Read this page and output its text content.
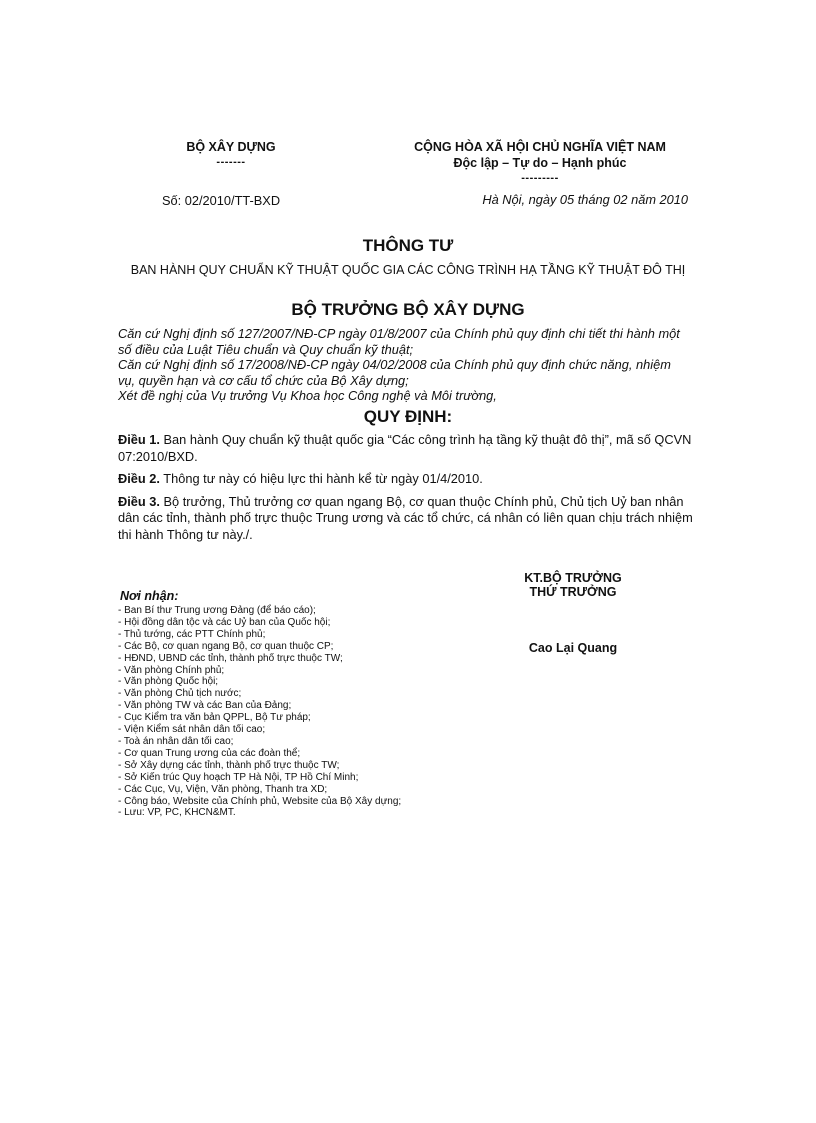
BỘ XÂY DỰNG
-------
CỘNG HÒA XÃ HỘI CHỦ NGHĨA VIỆT NAM
Độc lập – Tự do – Hạnh phúc
---------
Số: 02/2010/TT-BXD	Hà Nội, ngày 05 tháng 02 năm 2010
THÔNG TƯ
BAN HÀNH QUY CHUẨN KỸ THUẬT QUỐC GIA CÁC CÔNG TRÌNH HẠ TẦNG KỸ THUẬT ĐÔ THỊ
BỘ TRƯỞNG BỘ XÂY DỰNG

Căn cứ Nghị định số 127/2007/NĐ-CP ngày 01/8/2007 của Chính phủ quy định chi tiết thi hành một số điều của Luật Tiêu chuẩn và Quy chuẩn kỹ thuật;

Căn cứ Nghị định số 17/2008/NĐ-CP ngày 04/02/2008 của Chính phủ quy định chức năng, nhiệm vụ, quyền hạn và cơ cấu tổ chức của Bộ Xây dựng;

Xét đề nghị của Vụ trưởng Vụ Khoa học Công nghệ và Môi trường,

QUY ĐỊNH:

Điều 1. Ban hành Quy chuẩn kỹ thuật quốc gia “Các công trình hạ tầng kỹ thuật đô thị”, mã số QCVN 07:2010/BXD.

Điều 2. Thông tư này có hiệu lực thi hành kể từ ngày 01/4/2010.

Điều 3. Bộ trưởng, Thủ trưởng cơ quan ngang Bộ, cơ quan thuộc Chính phủ, Chủ tịch Uỷ ban nhân dân các tỉnh, thành phố trực thuộc Trung ương và các tổ chức, cá nhân có liên quan chịu trách nhiệm thi hành Thông tư này./.

KT.BỘ TRƯỞNG
THỨ TRƯỞNG
Cao Lại Quang
Nơi nhận:
- Ban Bí thư Trung ương Đảng (để báo cáo);
- Hội đồng dân tộc và các Uỷ ban của Quốc hội;
- Thủ tướng, các PTT Chính phủ;
- Các Bộ, cơ quan ngang Bộ, cơ quan thuộc CP;
- HĐND, UBND các tỉnh, thành phố trực thuộc TW;
- Văn phòng Chính phủ;
- Văn phòng Quốc hội;
- Văn phòng Chủ tịch nước;
- Văn phòng TW và các Ban của Đảng;
- Cục Kiểm tra văn bản QPPL, Bộ Tư pháp;
- Viện Kiểm sát nhân dân tối cao;
- Toà án nhân dân tối cao;
- Cơ quan Trung ương của các đoàn thể;
- Sở Xây dựng các tỉnh, thành phố trực thuộc TW;
- Sở Kiến trúc Quy hoạch TP Hà Nội, TP Hồ Chí Minh;
- Các Cục, Vụ, Viện, Văn phòng, Thanh tra XD;
- Công báo, Website của Chính phủ, Website của Bộ Xây dựng;
- Lưu: VP, PC, KHCN&MT.
